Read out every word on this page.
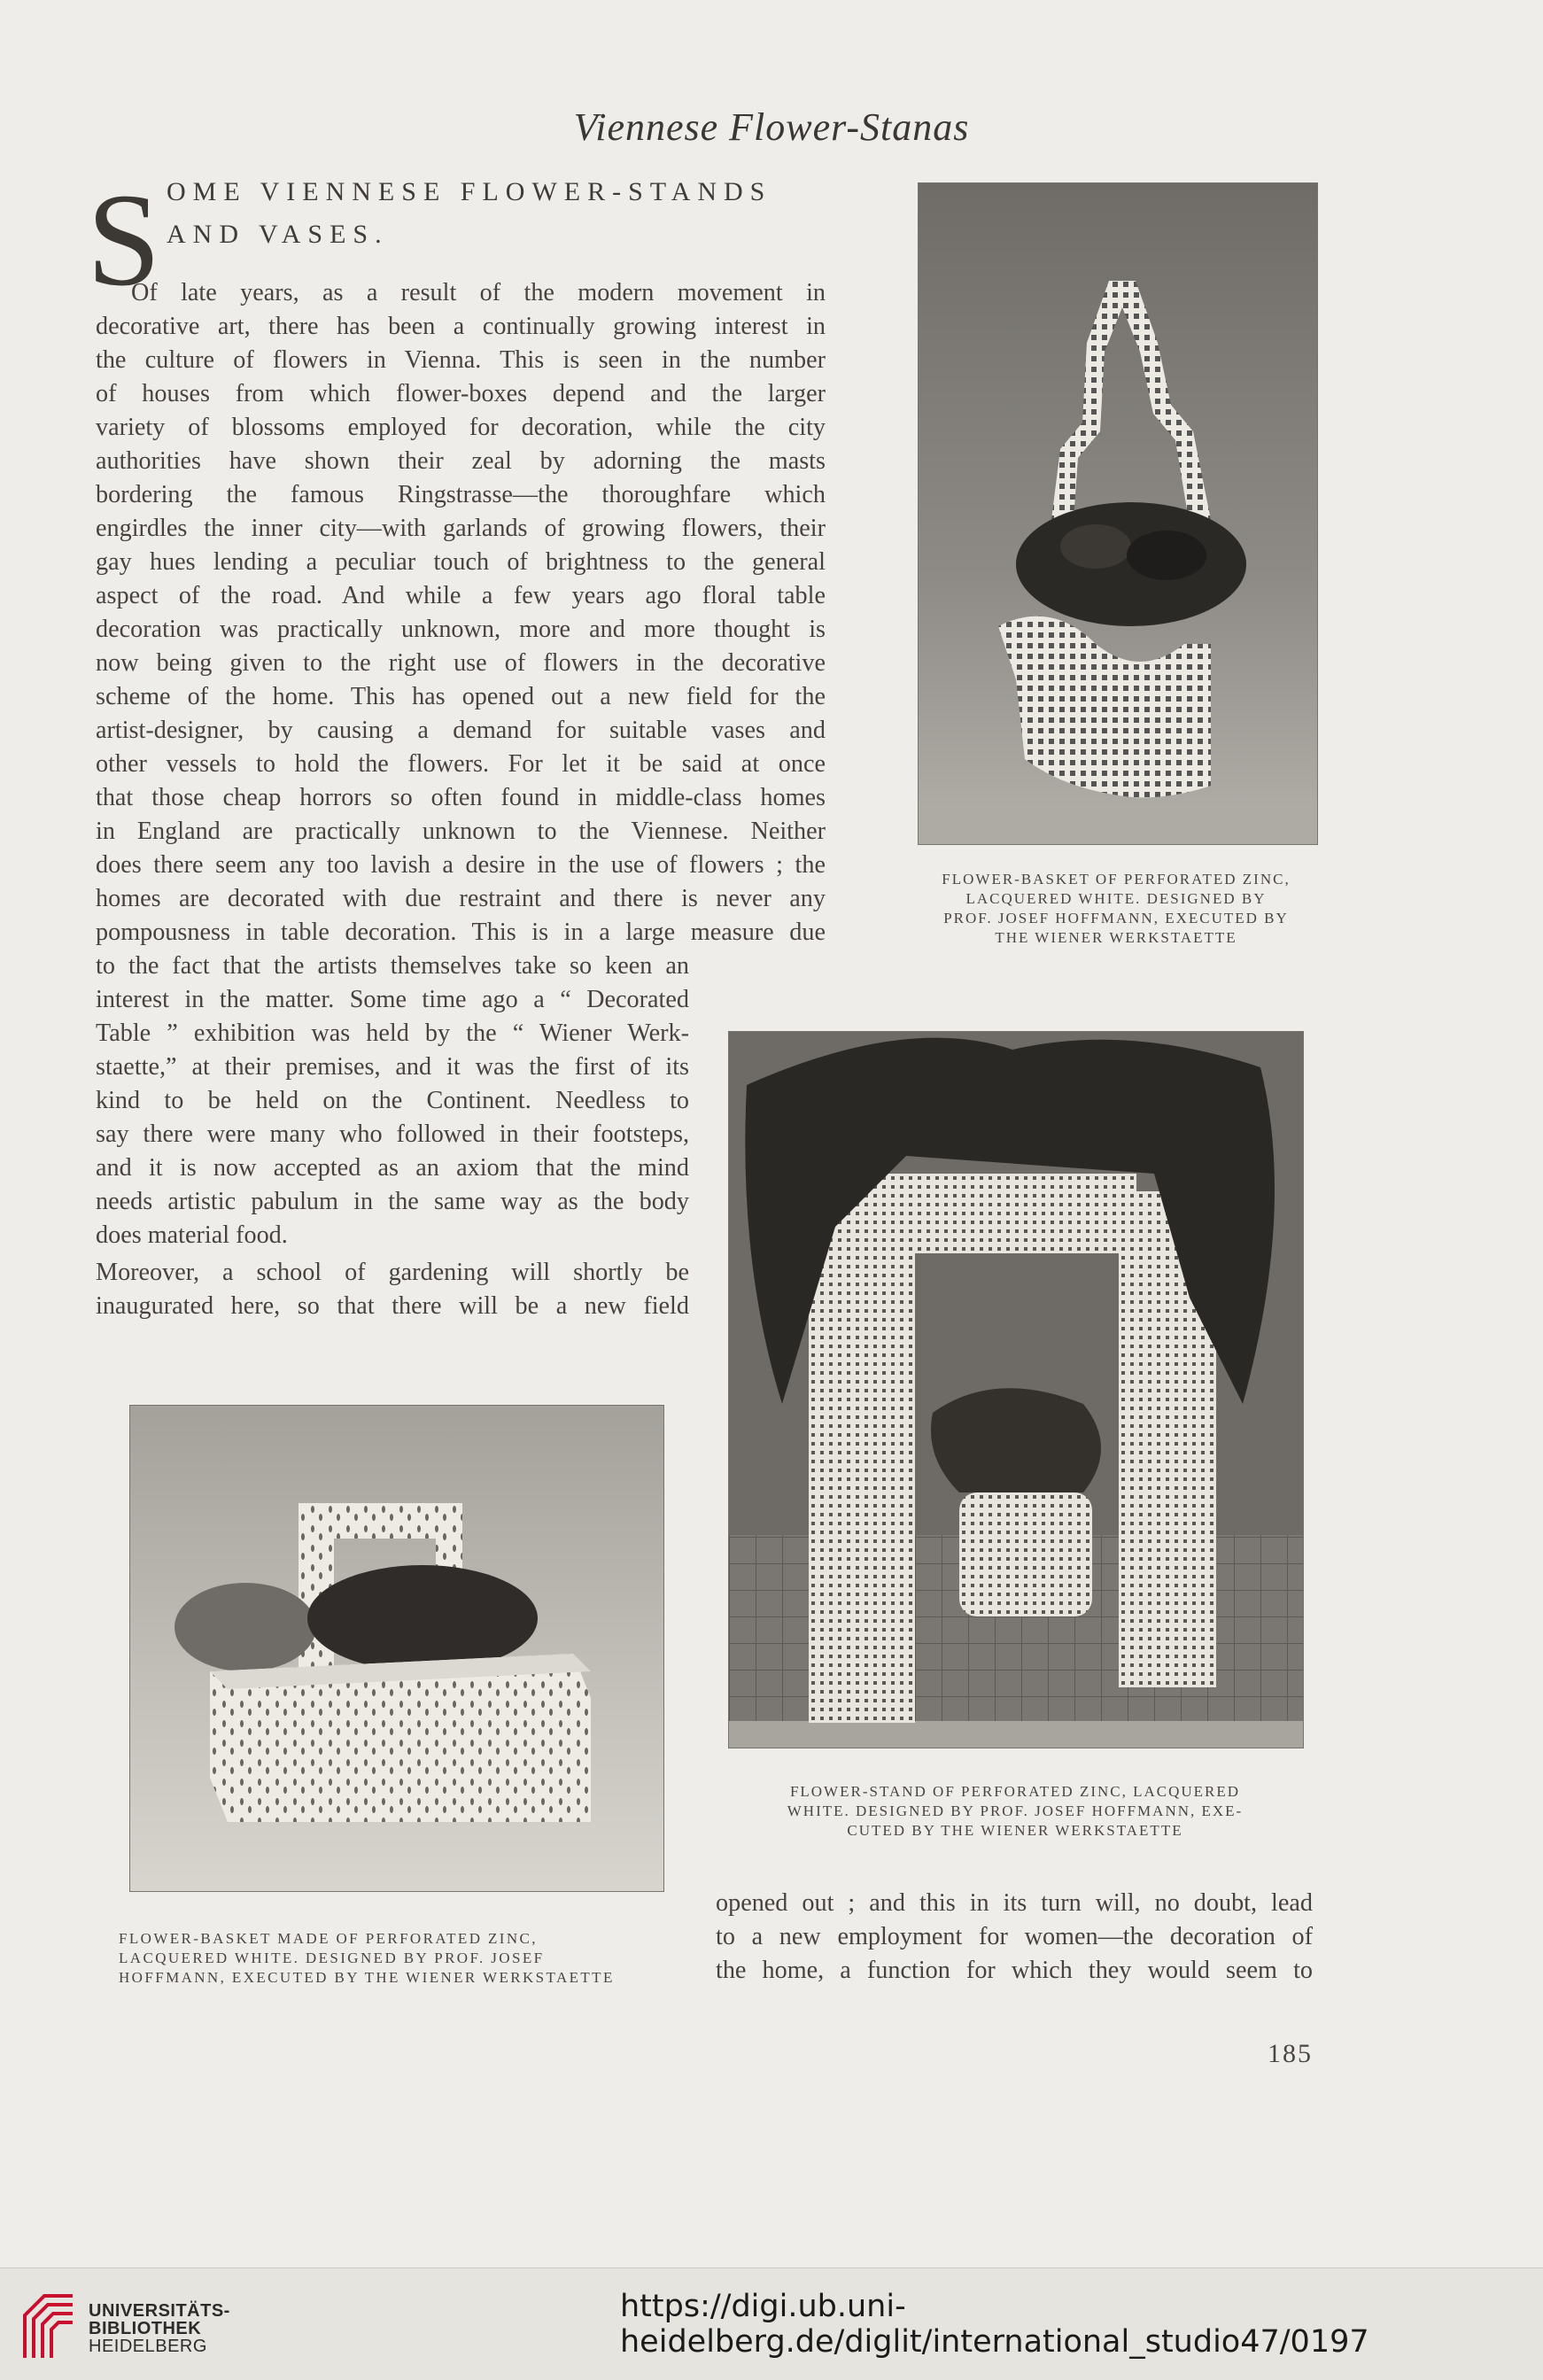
Viennese Flower-Stanas
S OME VIENNESE FLOWER-STANDS
AND VASES.
Of late years, as a result of the modern movement in
decorative art, there has been a continually growing interest in
the culture of flowers in Vienna. This is seen in the number
of houses from which flower-boxes depend and the larger
variety of blossoms employed for decoration, while the city
authorities have shown their zeal by adorning the masts
bordering the famous Ringstrasse—the thoroughfare which
engirdles the inner city—with garlands of growing flowers, their
gay hues lending a peculiar touch of brightness to the general
aspect of the road. And while a few years ago floral table
decoration was practically unknown, more and more thought is
now being given to the right use of flowers in the decorative
scheme of the home. This has opened out a new field for the
artist-designer, by causing a demand for suitable vases and
other vessels to hold the flowers. For let it be said at once
that those cheap horrors so often found in middle-class homes
in England are practically unknown to the Viennese. Neither
does there seem any too lavish a desire in the use of flowers ; the
homes are decorated with due restraint and there is never any
pompousness in table decoration. This is in a large measure due
to the fact that the artists themselves take so keen an
interest in the matter. Some time ago a “ Decorated
Table ” exhibition was held by the “ Wiener Werk-
staette,” at their premises, and it was the first of its
kind to be held on the Continent. Needless to
say there were many who followed in their footsteps,
and it is now accepted as an axiom that the mind
needs artistic pabulum in the same way as the body
does material food.
Moreover, a school of gardening will shortly be
inaugurated here, so that there will be a new field
opened out ; and this in its turn will, no doubt, lead
to a new employment for women—the decoration of
the home, a function for which they would seem to
FLOWER-BASKET OF PERFORATED ZINC,
LACQUERED WHITE. DESIGNED BY
PROF. JOSEF HOFFMANN, EXECUTED BY
THE WIENER WERKSTAETTE
FLOWER-STAND OF PERFORATED ZINC, LACQUERED
WHITE. DESIGNED BY PROF. JOSEF HOFFMANN, EXE-
CUTED BY THE WIENER WERKSTAETTE
FLOWER-BASKET MADE OF PERFORATED ZINC,
LACQUERED WHITE. DESIGNED BY PROF. JOSEF
HOFFMANN, EXECUTED BY THE WIENER WERKSTAETTE
185
UNIVERSITÄTS-
BIBLIOTHEK
HEIDELBERG
https://digi.ub.uni-heidelberg.de/diglit/international_studio47/0197
